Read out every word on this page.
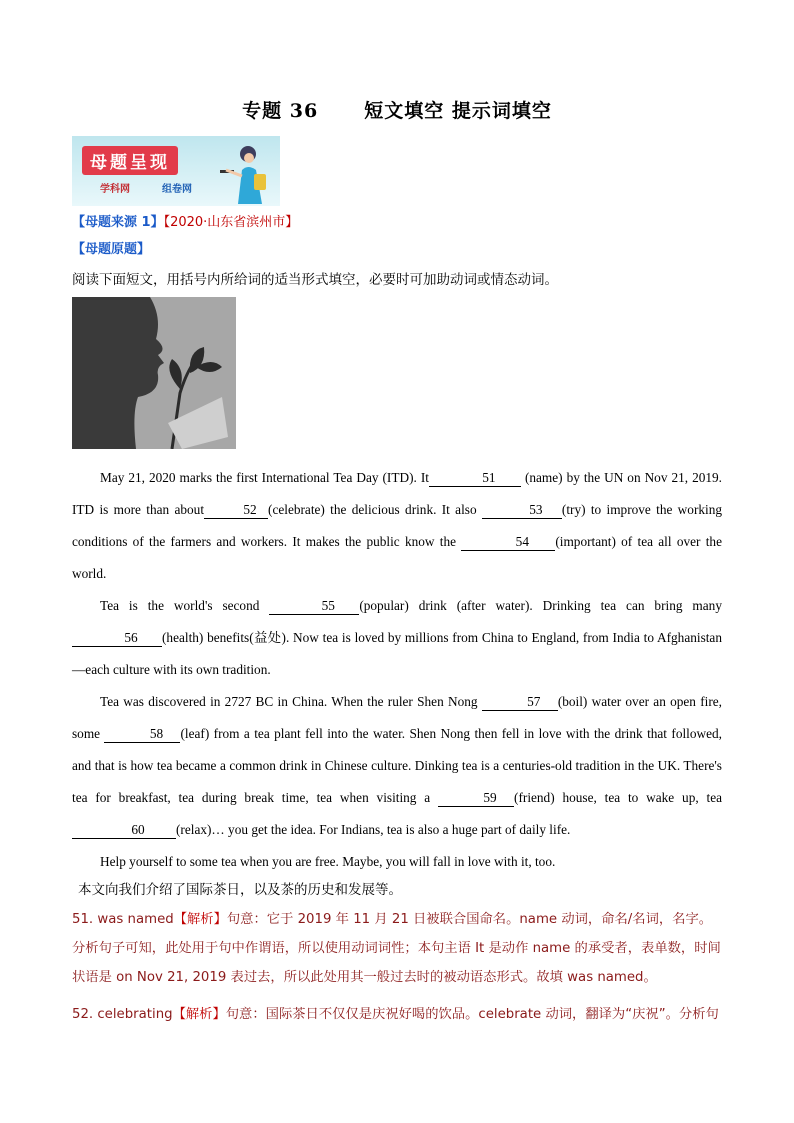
专题 36 短文填空 提示词填空
母题呈现
学科网	组卷网
【母题来源 1】【2020·山东省滨州市】
【母题原题】
阅读下面短文，用括号内所给词的适当形式填空，必要时可加助动词或情态动词。

May 21, 2020 marks the first International Tea Day (ITD). It	51 (name) by the UN on Nov 21, 2019. ITD is more than about	52 (celebrate) the delicious drink. It also	53 (try) to improve the working conditions of the farmers and workers. It makes the public know the	54 (important) of tea all over the world.

Tea is the world's second	55 (popular) drink (after water). Drinking tea can bring many 56 (health) benefits(益处). Now tea is loved by millions from China to England, from India to Afghanistan—each culture with its own tradition.

Tea was discovered in 2727 BC in China. When the ruler Shen Nong	57 (boil) water over an open fire, some	58 (leaf) from a tea plant fell into the water. Shen Nong then fell in love with the drink that followed, and that is how tea became a common drink in Chinese culture. Dinking tea is a centuries-old tradition in the UK. There's tea for breakfast, tea during break time, tea when visiting a	59 (friend) house, tea to wake up, tea60 (relax)… you get the idea. For Indians, tea is also a huge part of daily life.

Help yourself to some tea when you are free. Maybe, you will fall in love with it, too.

本文向我们介绍了国际茶日，以及茶的历史和发展等。
51. was named【解析】句意：它于 2019 年 11 月 21 日被联合国命名。name 动词，命名/名词，名字。分析句子可知，此处用于句中作谓语，所以使用动词词性；本句主语 It 是动作 name 的承受者，表单数，时间状语是 on Nov 21, 2019 表过去，所以此处用其一般过去时的被动语态形式。故填 was named。
52. celebrating【解析】句意：国际茶日不仅仅是庆祝好喝的饮品。celebrate 动词，翻译为“庆祝”。分析句
